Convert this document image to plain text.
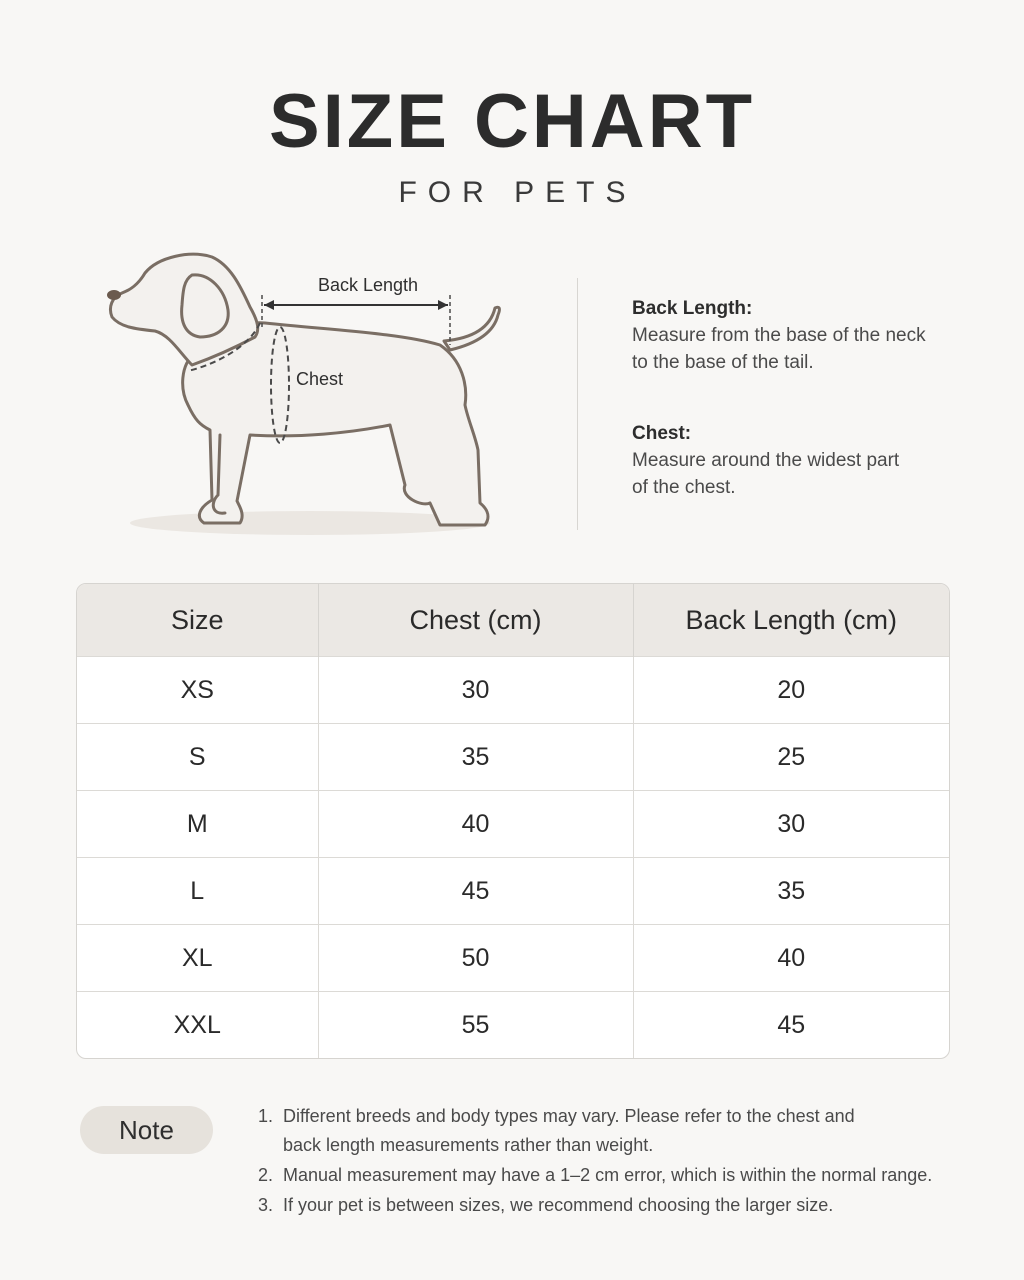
SIZE CHART
FOR PETS
Back Length
Chest
Back Length:
Measure from the base of the neck
to the base of the tail.
Chest:
Measure around the widest part
of the chest.
Size	Chest (cm)	Back Length (cm)
XS	30	20
S	35	25
M	40	30
L	45	35
XL	50	40
XXL	55	45
Note	1. Different breeds and body types may vary. Please refer to the chest and
back length measurements rather than weight.
2. Manual measurement may have a 1–2 cm error, which is within the normal range.
3. If your pet is between sizes, we recommend choosing the larger size.
